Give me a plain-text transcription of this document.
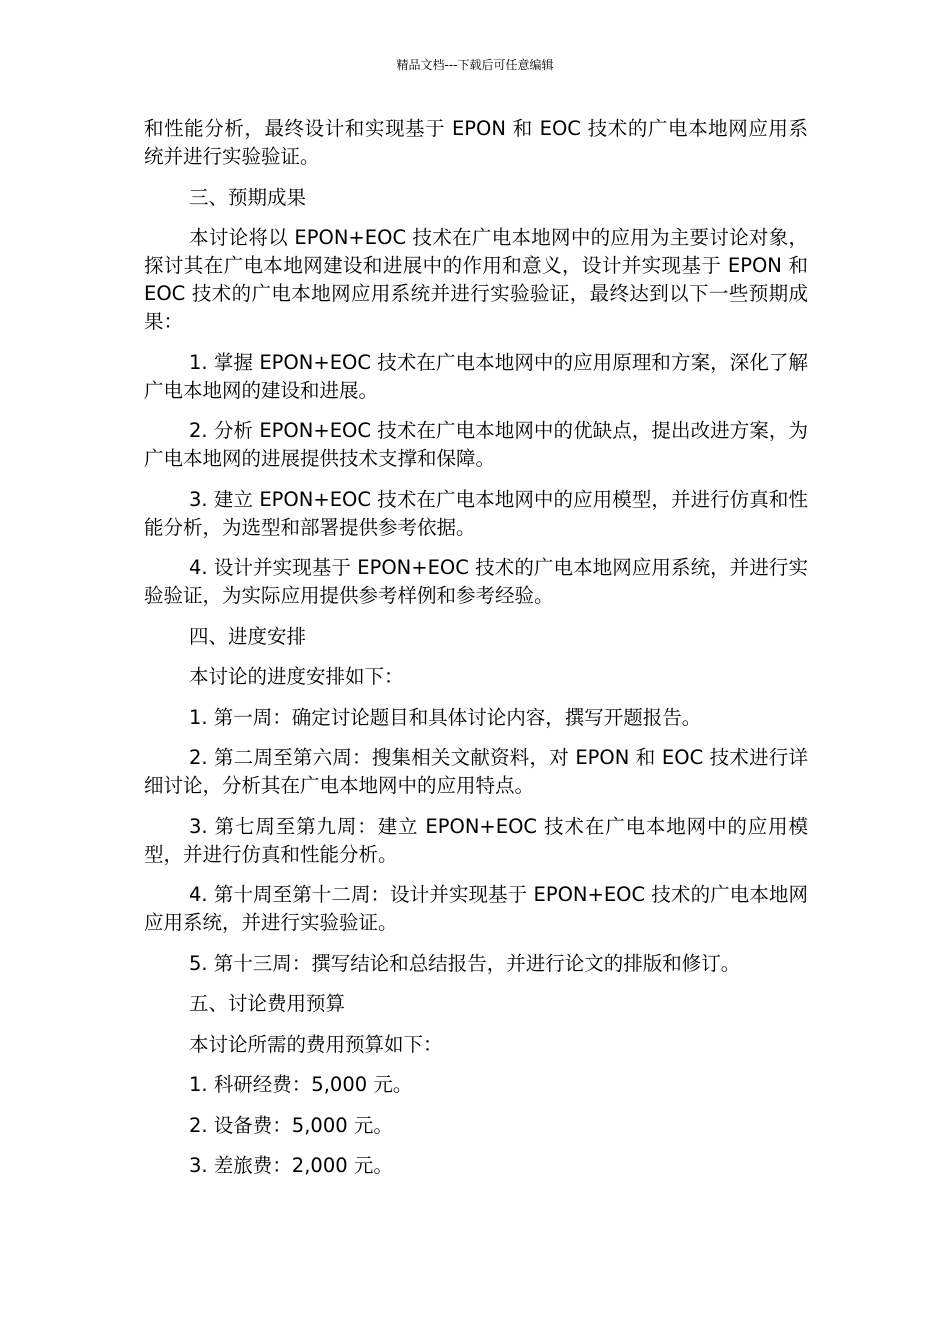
精品文档---下载后可任意编辑

和性能分析，最终设计和实现基于 EPON 和 EOC 技术的广电本地网应用系统并进行实验验证。

三、预期成果

本讨论将以 EPON+EOC 技术在广电本地网中的应用为主要讨论对象，探讨其在广电本地网建设和进展中的作用和意义，设计并实现基于 EPON 和 EOC 技术的广电本地网应用系统并进行实验验证，最终达到以下一些预期成果：

1. 掌握 EPON+EOC 技术在广电本地网中的应用原理和方案，深化了解广电本地网的建设和进展。

2. 分析 EPON+EOC 技术在广电本地网中的优缺点，提出改进方案，为广电本地网的进展提供技术支撑和保障。

3. 建立 EPON+EOC 技术在广电本地网中的应用模型，并进行仿真和性能分析，为选型和部署提供参考依据。

4. 设计并实现基于 EPON+EOC 技术的广电本地网应用系统，并进行实验验证，为实际应用提供参考样例和参考经验。

四、进度安排

本讨论的进度安排如下：

1. 第一周：确定讨论题目和具体讨论内容，撰写开题报告。

2. 第二周至第六周：搜集相关文献资料，对 EPON 和 EOC 技术进行详细讨论，分析其在广电本地网中的应用特点。

3. 第七周至第九周：建立 EPON+EOC 技术在广电本地网中的应用模型，并进行仿真和性能分析。

4. 第十周至第十二周：设计并实现基于 EPON+EOC 技术的广电本地网应用系统，并进行实验验证。

5. 第十三周：撰写结论和总结报告，并进行论文的排版和修订。

五、讨论费用预算

本讨论所需的费用预算如下：

1. 科研经费：5,000 元。

2. 设备费：5,000 元。

3. 差旅费：2,000 元。
